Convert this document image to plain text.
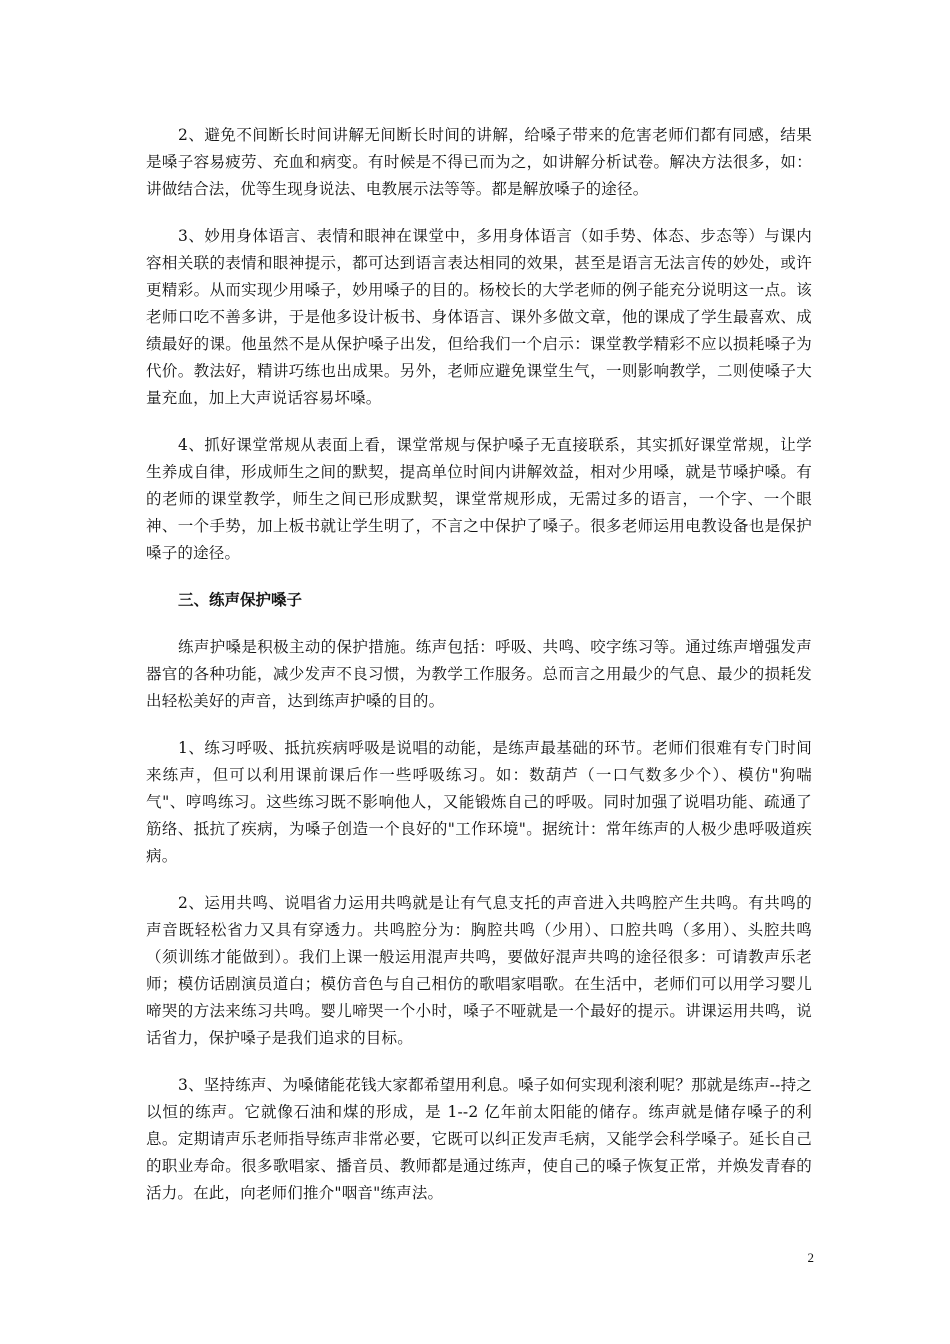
2、避免不间断长时间讲解无间断长时间的讲解，给嗓子带来的危害老师们都有同感，结果是嗓子容易疲劳、充血和病变。有时候是不得已而为之，如讲解分析试卷。解决方法很多，如：讲做结合法，优等生现身说法、电教展示法等等。都是解放嗓子的途径。

3、妙用身体语言、表情和眼神在课堂中，多用身体语言（如手势、体态、步态等）与课内容相关联的表情和眼神提示，都可达到语言表达相同的效果，甚至是语言无法言传的妙处，或许更精彩。从而实现少用嗓子，妙用嗓子的目的。杨校长的大学老师的例子能充分说明这一点。该老师口吃不善多讲，于是他多设计板书、身体语言、课外多做文章，他的课成了学生最喜欢、成绩最好的课。他虽然不是从保护嗓子出发，但给我们一个启示：课堂教学精彩不应以损耗嗓子为代价。教法好，精讲巧练也出成果。另外，老师应避免课堂生气，一则影响教学，二则使嗓子大量充血，加上大声说话容易坏嗓。

4、抓好课堂常规从表面上看，课堂常规与保护嗓子无直接联系，其实抓好课堂常规，让学生养成自律，形成师生之间的默契，提高单位时间内讲解效益，相对少用嗓，就是节嗓护嗓。有的老师的课堂教学，师生之间已形成默契，课堂常规形成，无需过多的语言，一个字、一个眼神、一个手势，加上板书就让学生明了，不言之中保护了嗓子。很多老师运用电教设备也是保护嗓子的途径。

三、练声保护嗓子

练声护嗓是积极主动的保护措施。练声包括：呼吸、共鸣、咬字练习等。通过练声增强发声器官的各种功能，减少发声不良习惯，为教学工作服务。总而言之用最少的气息、最少的损耗发出轻松美好的声音，达到练声护嗓的目的。

1、练习呼吸、抵抗疾病呼吸是说唱的动能，是练声最基础的环节。老师们很难有专门时间来练声，但可以利用课前课后作一些呼吸练习。如：数葫芦（一口气数多少个）、模仿"狗喘气"、哼鸣练习。这些练习既不影响他人，又能锻炼自己的呼吸。同时加强了说唱功能、疏通了筋络、抵抗了疾病，为嗓子创造一个良好的"工作环境"。据统计：常年练声的人极少患呼吸道疾病。

2、运用共鸣、说唱省力运用共鸣就是让有气息支托的声音进入共鸣腔产生共鸣。有共鸣的声音既轻松省力又具有穿透力。共鸣腔分为：胸腔共鸣（少用）、口腔共鸣（多用）、头腔共鸣（须训练才能做到）。我们上课一般运用混声共鸣，要做好混声共鸣的途径很多：可请教声乐老师；模仿话剧演员道白；模仿音色与自己相仿的歌唱家唱歌。在生活中，老师们可以用学习婴儿啼哭的方法来练习共鸣。婴儿啼哭一个小时，嗓子不哑就是一个最好的提示。讲课运用共鸣，说话省力，保护嗓子是我们追求的目标。

3、坚持练声、为嗓储能花钱大家都希望用利息。嗓子如何实现利滚利呢？那就是练声--持之以恒的练声。它就像石油和煤的形成，是 1--2 亿年前太阳能的储存。练声就是储存嗓子的利息。定期请声乐老师指导练声非常必要，它既可以纠正发声毛病，又能学会科学嗓子。延长自己的职业寿命。很多歌唱家、播音员、教师都是通过练声，使自己的嗓子恢复正常，并焕发青春的活力。在此，向老师们推介"咽音"练声法。

2
